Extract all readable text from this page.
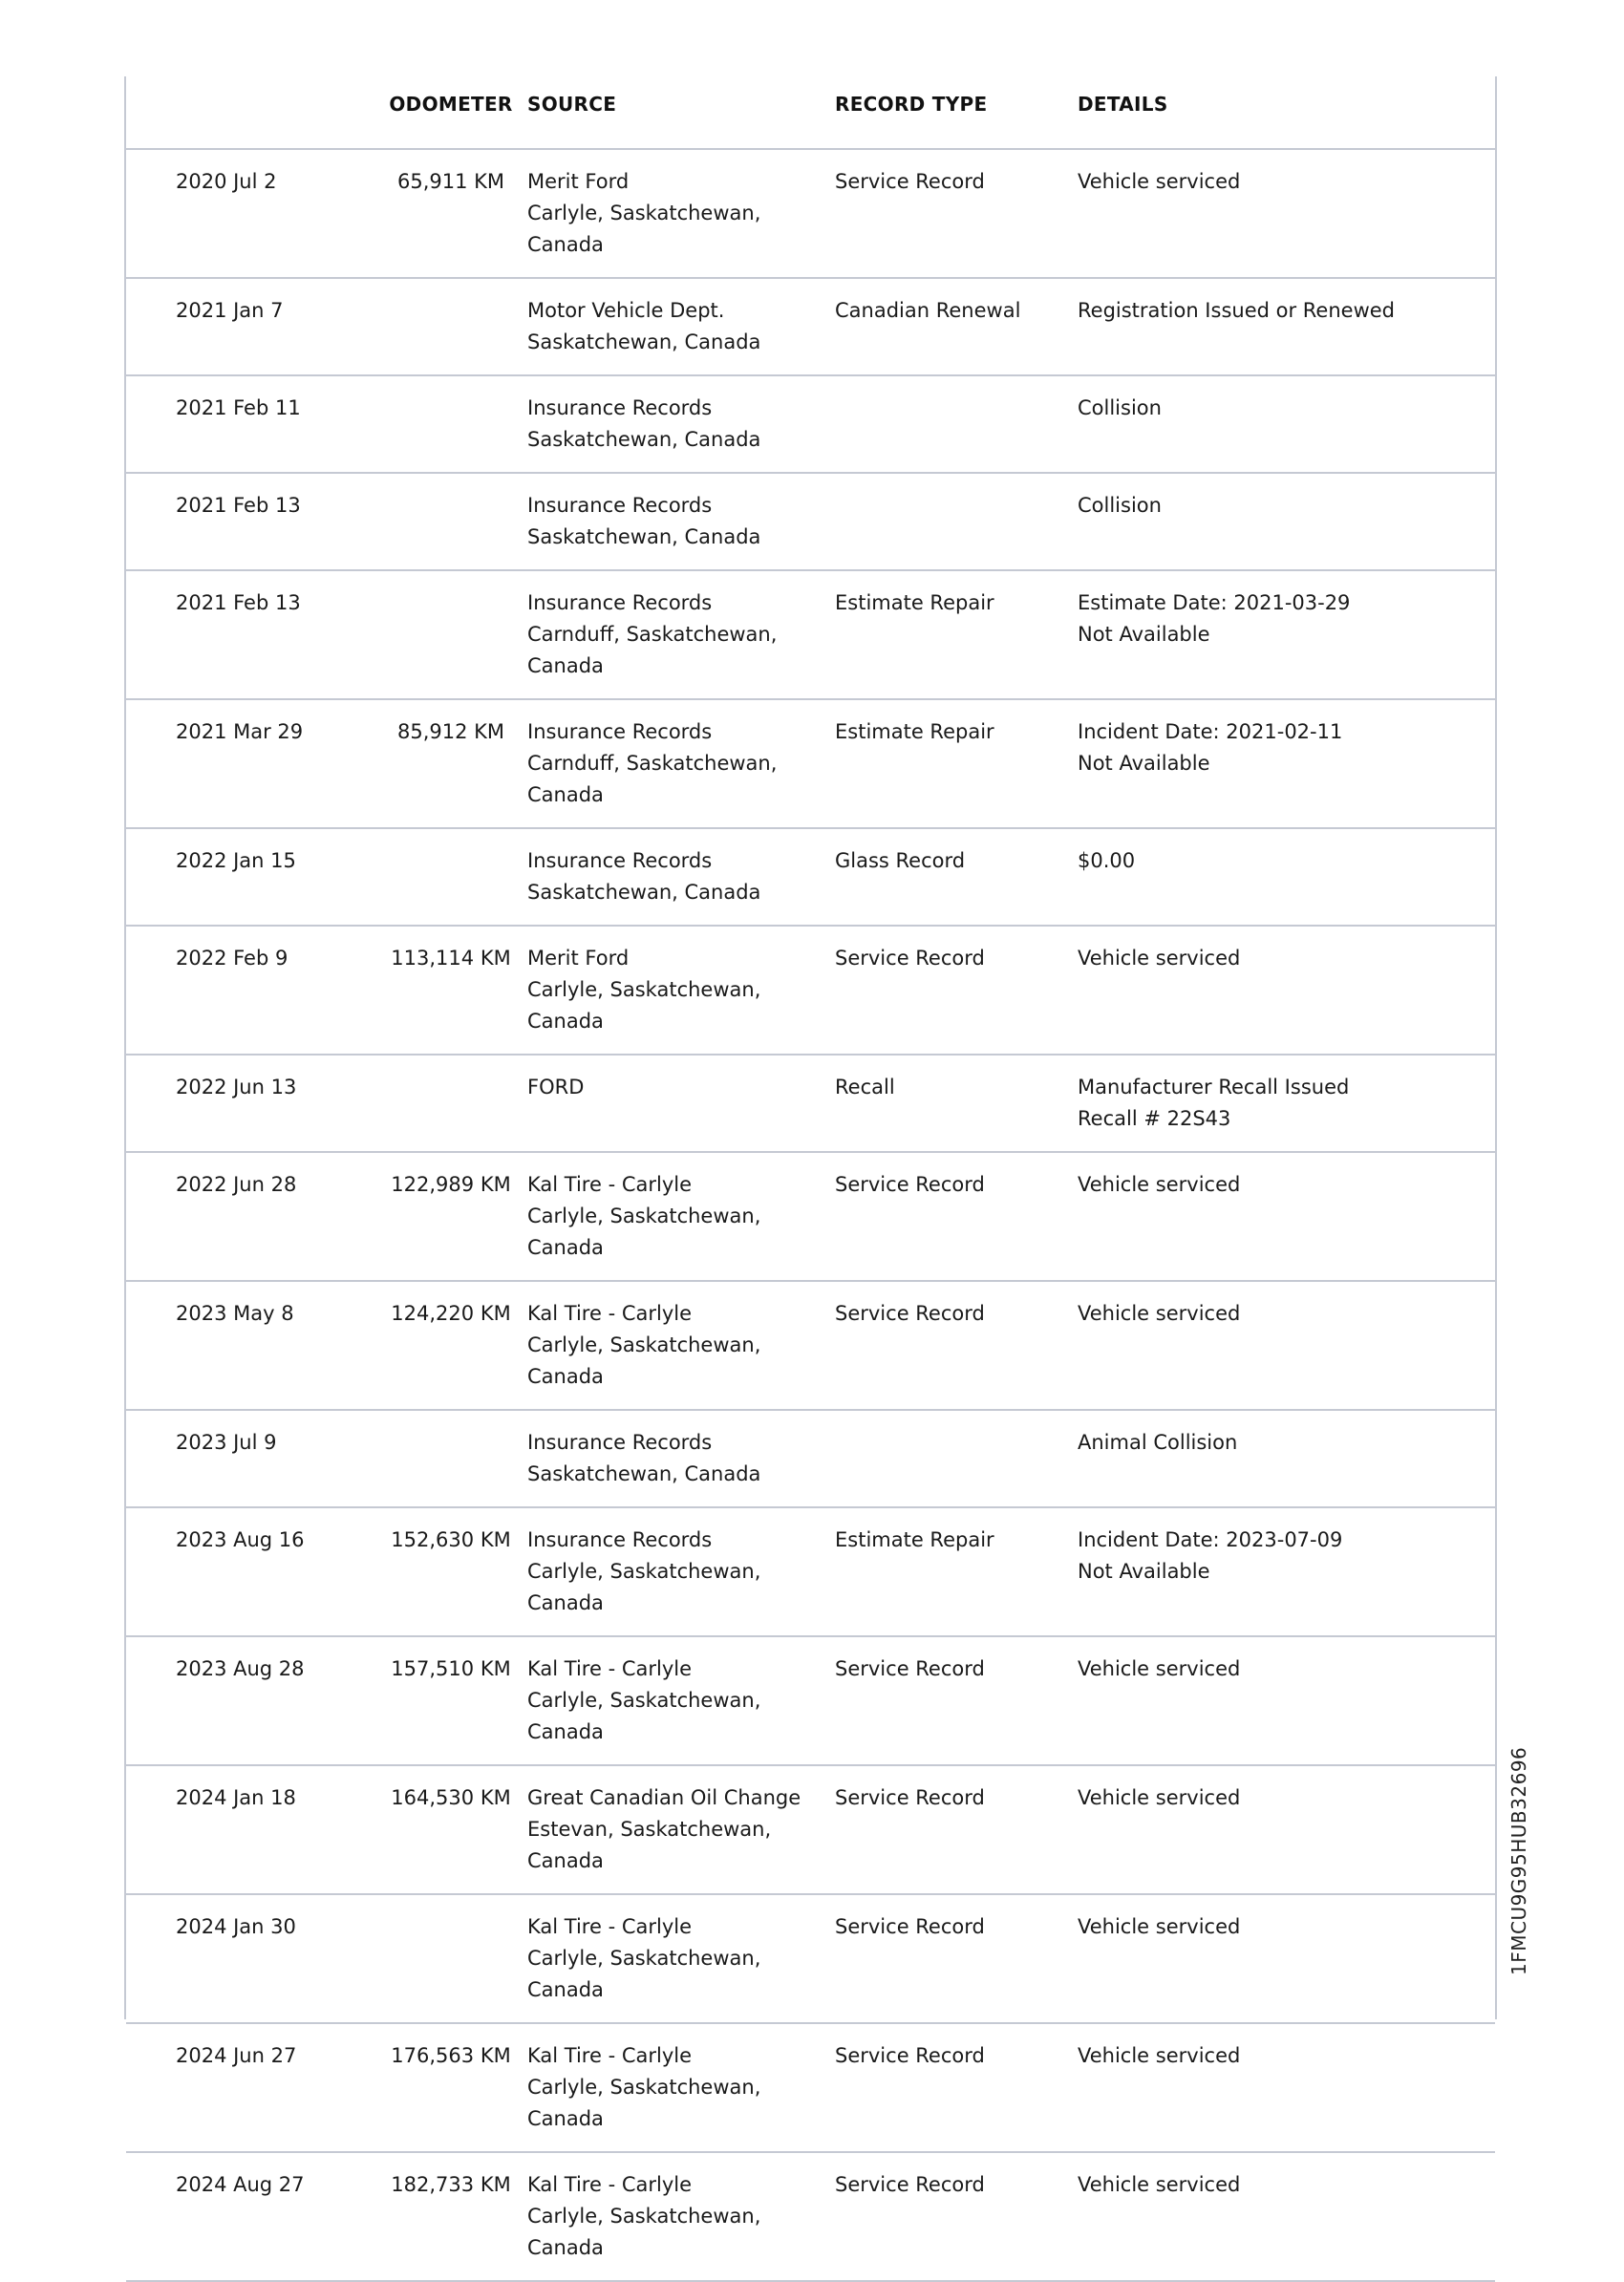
	ODOMETER	SOURCE	RECORD TYPE	DETAILS
2020 Jul 2	65,911 KM	Merit Ford
Carlyle, Saskatchewan, Canada	Service Record	Vehicle serviced

2021 Jan 7		Motor Vehicle Dept.
Saskatchewan, Canada	Canadian Renewal	Registration Issued or Renewed

2021 Feb 11		Insurance Records
Saskatchewan, Canada		Collision

2021 Feb 13		Insurance Records
Saskatchewan, Canada		Collision

2021 Feb 13		Insurance Records
Carnduff, Saskatchewan,
Canada	Estimate Repair	Estimate Date: 2021-03-29
Not Available

2021 Mar 29	85,912 KM	Insurance Records
Carnduff, Saskatchewan,
Canada	Estimate Repair	Incident Date: 2021-02-11
Not Available

2022 Jan 15		Insurance Records
Saskatchewan, Canada	Glass Record	$0.00

2022 Feb 9	113,114 KM	Merit Ford
Carlyle, Saskatchewan, Canada	Service Record	Vehicle serviced

2022 Jun 13		FORD	Recall	Manufacturer Recall Issued
Recall # 22S43

2022 Jun 28	122,989 KM	Kal Tire - Carlyle
Carlyle, Saskatchewan, Canada	Service Record	Vehicle serviced

2023 May 8	124,220 KM	Kal Tire - Carlyle
Carlyle, Saskatchewan, Canada	Service Record	Vehicle serviced

2023 Jul 9		Insurance Records
Saskatchewan, Canada		Animal Collision

2023 Aug 16	152,630 KM	Insurance Records
Carlyle, Saskatchewan, Canada	Estimate Repair	Incident Date: 2023-07-09
Not Available

2023 Aug 28	157,510 KM	Kal Tire - Carlyle
Carlyle, Saskatchewan, Canada	Service Record	Vehicle serviced

2024 Jan 18	164,530 KM	Great Canadian Oil Change
Estevan, Saskatchewan,
Canada	Service Record	Vehicle serviced

2024 Jan 30		Kal Tire - Carlyle
Carlyle, Saskatchewan, Canada	Service Record	Vehicle serviced

2024 Jun 27	176,563 KM	Kal Tire - Carlyle
Carlyle, Saskatchewan, Canada	Service Record	Vehicle serviced

2024 Aug 27	182,733 KM	Kal Tire - Carlyle
Carlyle, Saskatchewan, Canada	Service Record	Vehicle serviced
1FMCU9G95HUB32696
